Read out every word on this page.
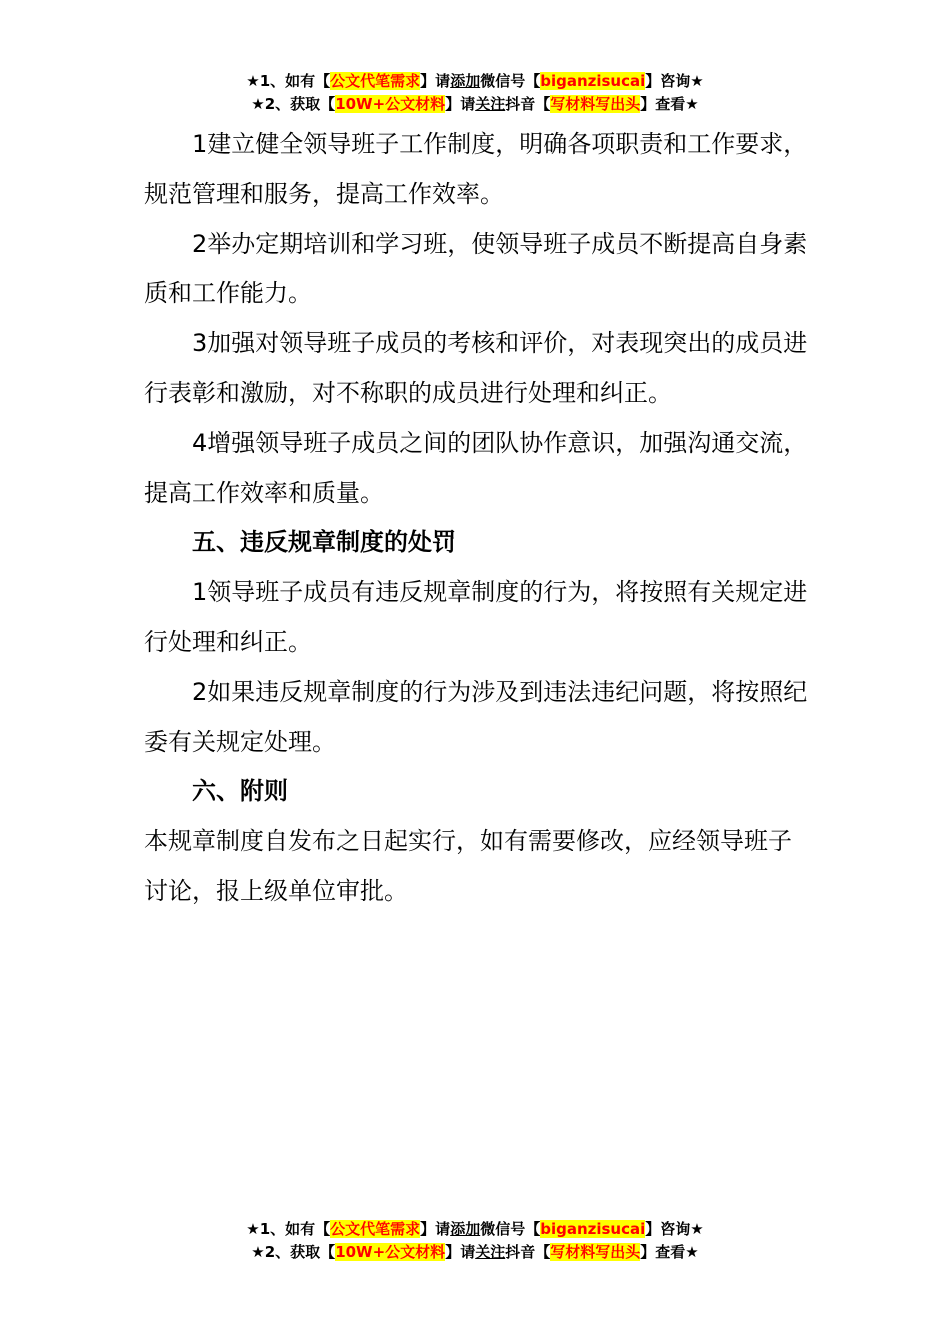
★1、如有【公文代笔需求】请添加微信号【biganzisucai】咨询★
★2、获取【10W+公文材料】请关注抖音【写材料写出头】查看★

1建立健全领导班子工作制度，明确各项职责和工作要求，规范管理和服务，提高工作效率。

2举办定期培训和学习班，使领导班子成员不断提高自身素质和工作能力。

3加强对领导班子成员的考核和评价，对表现突出的成员进行表彰和激励，对不称职的成员进行处理和纠正。

4增强领导班子成员之间的团队协作意识，加强沟通交流，提高工作效率和质量。

五、违反规章制度的处罚

1领导班子成员有违反规章制度的行为，将按照有关规定进行处理和纠正。

2如果违反规章制度的行为涉及到违法违纪问题，将按照纪委有关规定处理。

六、附则

本规章制度自发布之日起实行，如有需要修改，应经领导班子讨论，报上级单位审批。

★1、如有【公文代笔需求】请添加微信号【biganzisucai】咨询★
★2、获取【10W+公文材料】请关注抖音【写材料写出头】查看★
